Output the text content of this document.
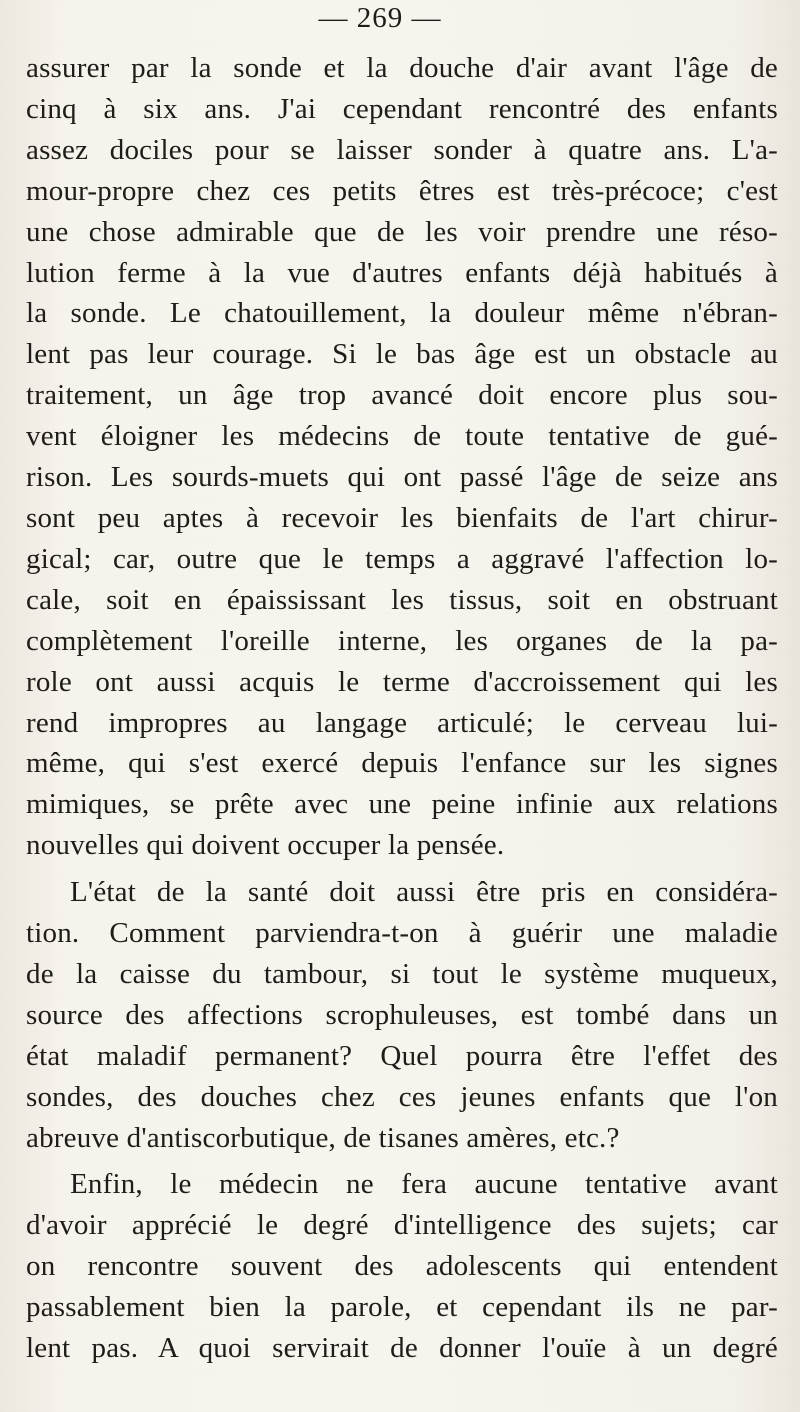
— 269 —
assurer par la sonde et la douche d'air avant l'âge de
cinq à six ans. J'ai cependant rencontré des enfants
assez dociles pour se laisser sonder à quatre ans. L'a-
mour-propre chez ces petits êtres est très-précoce; c'est
une chose admirable que de les voir prendre une réso-
lution ferme à la vue d'autres enfants déjà habitués à
la sonde. Le chatouillement, la douleur même n'ébran-
lent pas leur courage. Si le bas âge est un obstacle au
traitement, un âge trop avancé doit encore plus sou-
vent éloigner les médecins de toute tentative de gué-
rison. Les sourds-muets qui ont passé l'âge de seize ans
sont peu aptes à recevoir les bienfaits de l'art chirur-
gical; car, outre que le temps a aggravé l'affection lo-
cale, soit en épaississant les tissus, soit en obstruant
complètement l'oreille interne, les organes de la pa-
role ont aussi acquis le terme d'accroissement qui les
rend impropres au langage articulé; le cerveau lui-
même, qui s'est exercé depuis l'enfance sur les signes
mimiques, se prête avec une peine infinie aux relations
nouvelles qui doivent occuper la pensée.
L'état de la santé doit aussi être pris en considéra-
tion. Comment parviendra-t-on à guérir une maladie
de la caisse du tambour, si tout le système muqueux,
source des affections scrophuleuses, est tombé dans un
état maladif permanent? Quel pourra être l'effet des
sondes, des douches chez ces jeunes enfants que l'on
abreuve d'antiscorbutique, de tisanes amères, etc.?
Enfin, le médecin ne fera aucune tentative avant
d'avoir apprécié le degré d'intelligence des sujets; car
on rencontre souvent des adolescents qui entendent
passablement bien la parole, et cependant ils ne par-
lent pas. A quoi servirait de donner l'ouïe à un degré
